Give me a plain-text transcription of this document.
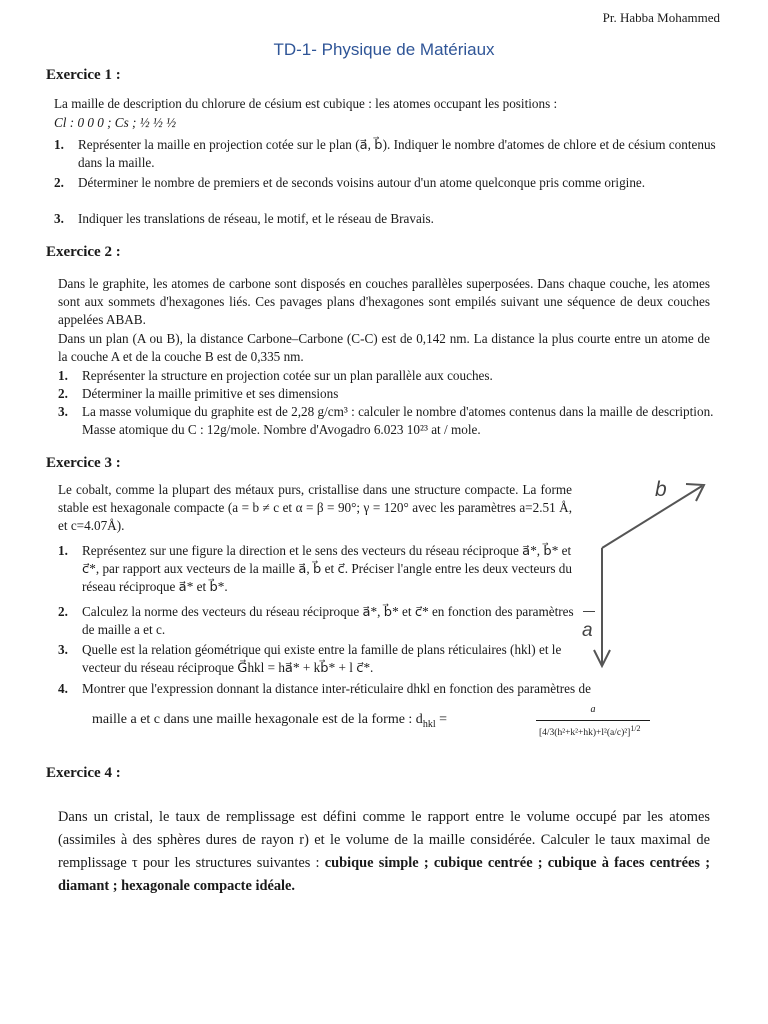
Pr. Habba Mohammed
TD-1- Physique de Matériaux
Exercice 1 :
La maille de description du chlorure de césium est cubique : les atomes occupant les positions :
Cl : 0 0 0 ; Cs ; ½ ½ ½
1. Représenter la maille en projection cotée sur le plan (a⃗, b⃗). Indiquer le nombre d'atomes de chlore et de césium contenus dans la maille.
2. Déterminer le nombre de premiers et de seconds voisins autour d'un atome quelconque pris comme origine.
3. Indiquer les translations de réseau, le motif, et le réseau de Bravais.
Exercice 2 :
Dans le graphite, les atomes de carbone sont disposés en couches parallèles superposées. Dans chaque couche, les atomes sont aux sommets d'hexagones liés. Ces pavages plans d'hexagones sont empilés suivant une séquence de deux couches appelées ABAB.
Dans un plan (A ou B), la distance Carbone–Carbone (C-C) est de 0,142 nm. La distance la plus courte entre un atome de la couche A et de la couche B est de 0,335 nm.
1. Représenter la structure en projection cotée sur un plan parallèle aux couches.
2. Déterminer la maille primitive et ses dimensions
3. La masse volumique du graphite est de 2,28 g/cm³ : calculer le nombre d'atomes contenus dans la maille de description. Masse atomique du C : 12g/mole. Nombre d'Avogadro 6.023 10²³ at / mole.
Exercice 3 :
Le cobalt, comme la plupart des métaux purs, cristallise dans une structure compacte. La forme stable est hexagonale compacte (a = b ≠ c et α = β = 90°; γ = 120° avec les paramètres a=2.51 Å, et c=4.07Å).
1. Représentez sur une figure la direction et le sens des vecteurs du réseau réciproque a⃗*, b⃗* et c⃗*, par rapport aux vecteurs de la maille a⃗, b⃗ et c⃗. Préciser l'angle entre les deux vecteurs du réseau réciproque a⃗* et b⃗*.
2. Calculez la norme des vecteurs du réseau réciproque a⃗*, b⃗* et c⃗* en fonction des paramètres de maille a et c.
3. Quelle est la relation géométrique qui existe entre la famille de plans réticulaires (hkl) et le vecteur du réseau réciproque G⃗hkl = ha⃗* + kb⃗* + l c⃗*.
4. Montrer que l'expression donnant la distance inter-réticulaire dhkl en fonction des paramètres de
maille a et c dans une maille hexagonale est de la forme : $d_{hkl}$ =
a
$[4/3(h^2+k^2+hk)+l^2(a/c)^2]^{1/2}$
b
a
Exercice 4 :
Dans un cristal, le taux de remplissage est défini comme le rapport entre le volume occupé par les atomes (assimiles à des sphères dures de rayon r) et le volume de la maille considérée. Calculer le taux maximal de remplissage τ pour les structures suivantes : cubique simple ; cubique centrée ; cubique à faces centrées ; diamant ; hexagonale compacte idéale.
